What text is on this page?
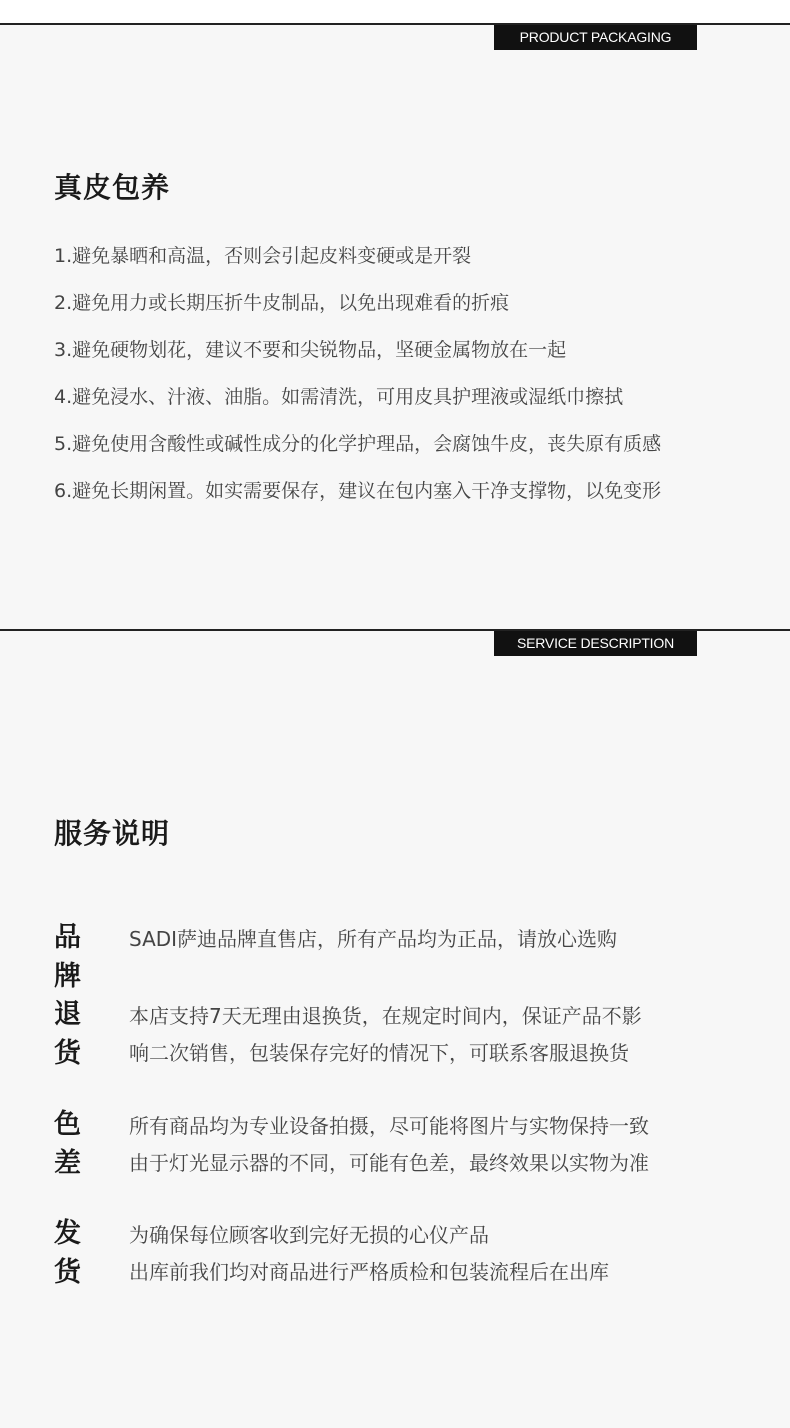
PRODUCT PACKAGING
真皮包养
1.避免暴晒和高温，否则会引起皮料变硬或是开裂
2.避免用力或长期压折牛皮制品，以免出现难看的折痕
3.避免硬物划花，建议不要和尖锐物品，坚硬金属物放在一起
4.避免浸水、汁液、油脂。如需清洗，可用皮具护理液或湿纸巾擦拭
5.避免使用含酸性或碱性成分的化学护理品，会腐蚀牛皮，丧失原有质感
6.避免长期闲置。如实需要保存，建议在包内塞入干净支撑物，以免变形
SERVICE DESCRIPTION
服务说明
品牌
SADI萨迪品牌直售店，所有产品均为正品，请放心选购
退货
本店支持7天无理由退换货，在规定时间内，保证产品不影
响二次销售，包装保存完好的情况下，可联系客服退换货
色差
所有商品均为专业设备拍摄，尽可能将图片与实物保持一致
由于灯光显示器的不同，可能有色差，最终效果以实物为准
发货
为确保每位顾客收到完好无损的心仪产品
出库前我们均对商品进行严格质检和包装流程后在出库
